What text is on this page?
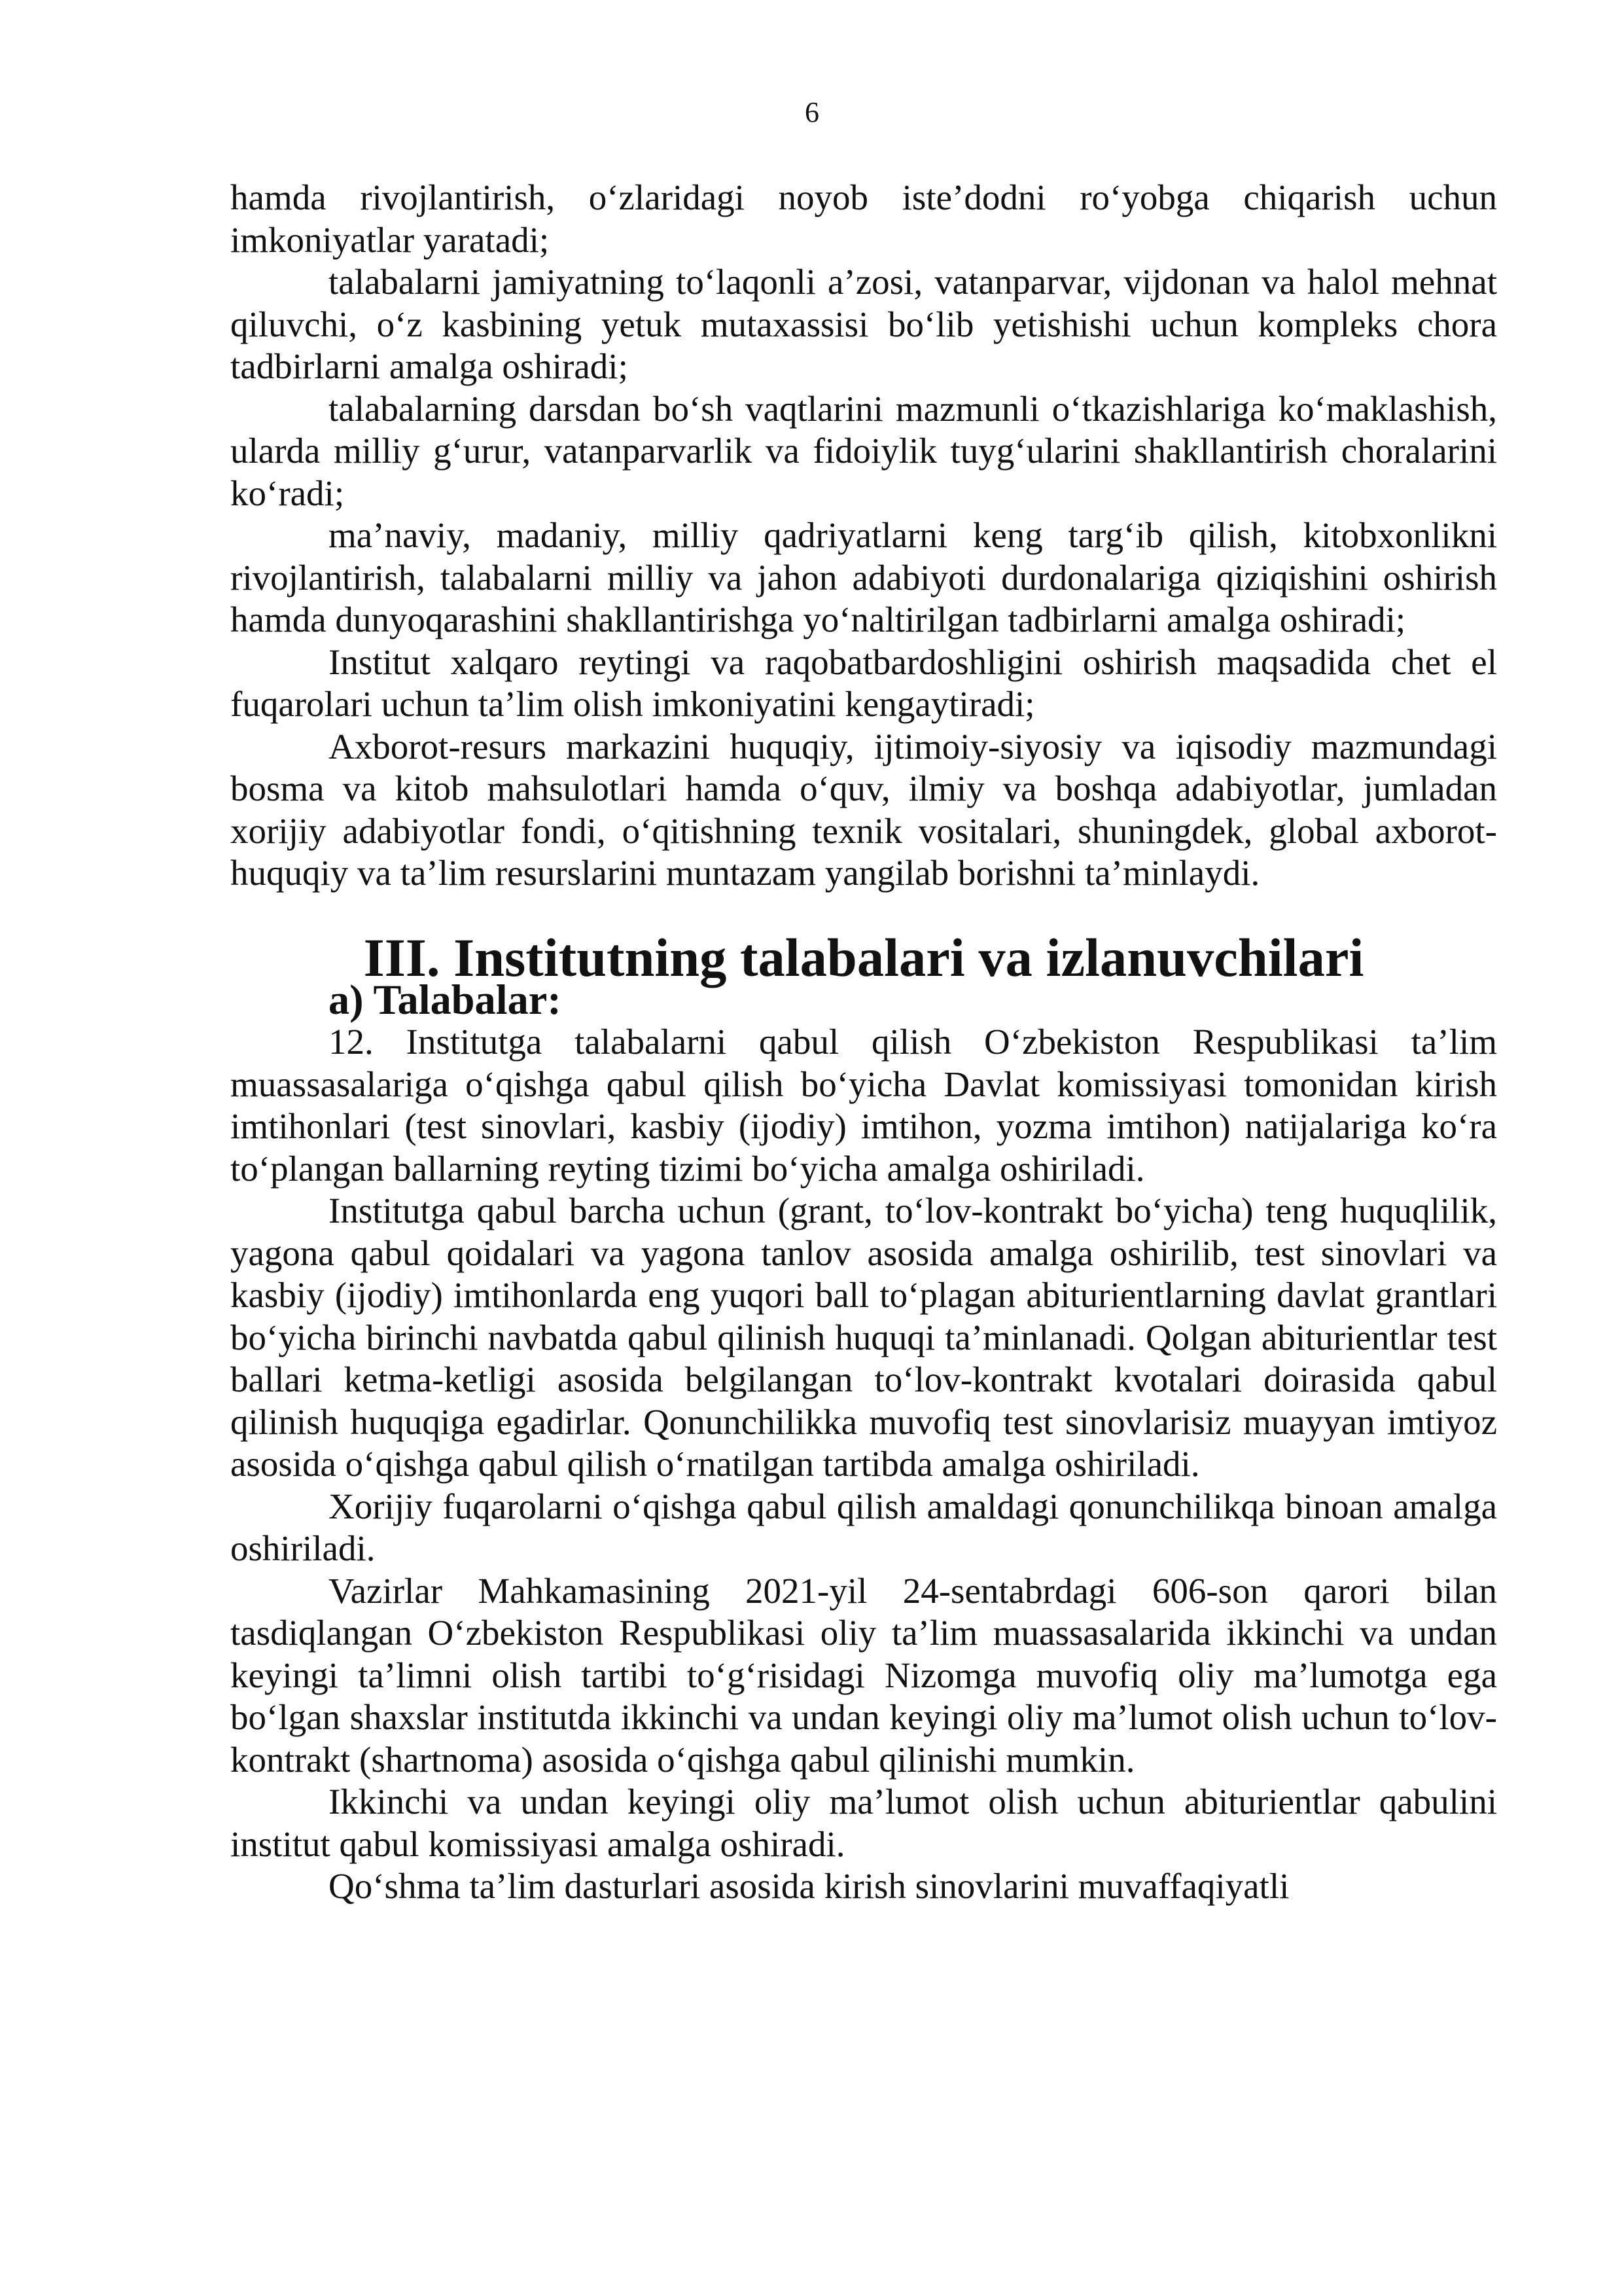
6

hamda rivojlantirish, o‘zlaridagi noyob iste’dodni ro‘yobga chiqarish uchun imkoniyatlar yaratadi;

talabalarni jamiyatning to‘laqonli a’zosi, vatanparvar, vijdonan va halol mehnat qiluvchi, o‘z kasbining yetuk mutaxassisi bo‘lib yetishishi uchun kompleks chora tadbirlarni amalga oshiradi;

talabalarning darsdan bo‘sh vaqtlarini mazmunli o‘tkazishlariga ko‘maklashish, ularda milliy g‘urur, vatanparvarlik va fidoiylik tuyg‘ularini shakllantirish choralarini ko‘radi;

ma’naviy, madaniy, milliy qadriyatlarni keng targ‘ib qilish, kitobxonlikni rivojlantirish, talabalarni milliy va jahon adabiyoti durdonalariga qiziqishini oshirish hamda dunyoqarashini shakllantirishga yo‘naltirilgan tadbirlarni amalga oshiradi;

Institut xalqaro reytingi va raqobatbardoshligini oshirish maqsadida chet el fuqarolari uchun ta’lim olish imkoniyatini kengaytiradi;

Axborot-resurs markazini huquqiy, ijtimoiy-siyosiy va iqisodiy mazmundagi bosma va kitob mahsulotlari hamda o‘quv, ilmiy va boshqa adabiyotlar, jumladan xorijiy adabiyotlar fondi, o‘qitishning texnik vositalari, shuningdek, global axborot-huquqiy va ta’lim resurslarini muntazam yangilab borishni ta’minlaydi.

III. Institutning talabalari va izlanuvchilari
a) Talabalar:

12. Institutga talabalarni qabul qilish O‘zbekiston Respublikasi ta’lim muassasalariga o‘qishga qabul qilish bo‘yicha Davlat komissiyasi tomonidan kirish imtihonlari (test sinovlari, kasbiy (ijodiy) imtihon, yozma imtihon) natijalariga ko‘ra to‘plangan ballarning reyting tizimi bo‘yicha amalga oshiriladi.

Institutga qabul barcha uchun (grant, to‘lov-kontrakt bo‘yicha) teng huquqlilik, yagona qabul qoidalari va yagona tanlov asosida amalga oshirilib, test sinovlari va kasbiy (ijodiy) imtihonlarda eng yuqori ball to‘plagan abiturientlarning davlat grantlari bo‘yicha birinchi navbatda qabul qilinish huquqi ta’minlanadi. Qolgan abiturientlar test ballari ketma-ketligi asosida belgilangan to‘lov-kontrakt kvotalari doirasida qabul qilinish huquqiga egadirlar. Qonunchilikka muvofiq test sinovlarisiz muayyan imtiyoz asosida o‘qishga qabul qilish o‘rnatilgan tartibda amalga oshiriladi.

Xorijiy fuqarolarni o‘qishga qabul qilish amaldagi qonunchilikqa binoan amalga oshiriladi.

Vazirlar Mahkamasining 2021-yil 24-sentabrdagi 606-son qarori bilan tasdiqlangan O‘zbekiston Respublikasi oliy ta’lim muassasalarida ikkinchi va undan keyingi ta’limni olish tartibi to‘g‘risidagi Nizomga muvofiq oliy ma’lumotga ega bo‘lgan shaxslar institutda ikkinchi va undan keyingi oliy ma’lumot olish uchun to‘lov-kontrakt (shartnoma) asosida o‘qishga qabul qilinishi mumkin.

Ikkinchi va undan keyingi oliy ma’lumot olish uchun abiturientlar qabulini institut qabul komissiyasi amalga oshiradi.

Qo‘shma ta’lim dasturlari asosida kirish sinovlarini muvaffaqiyatli
